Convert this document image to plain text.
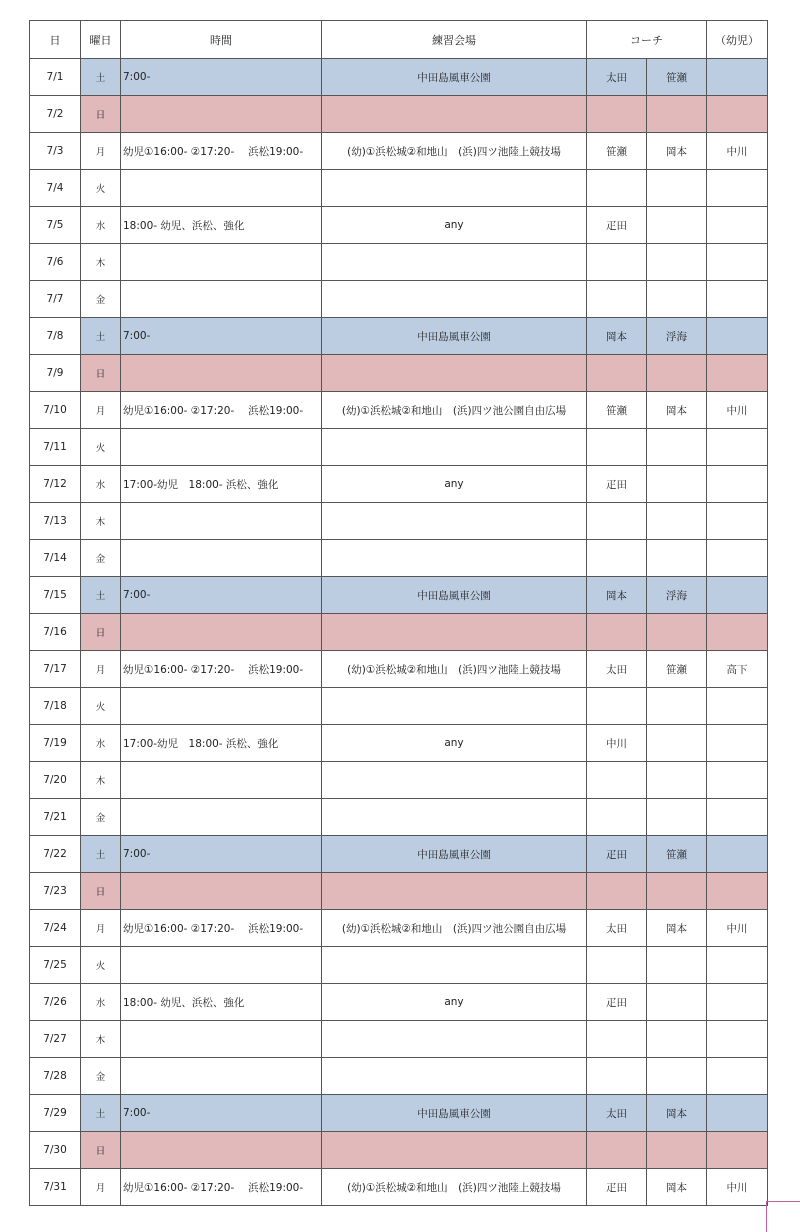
日	曜日	時間	練習会場	コーチ		（幼児）
7/1	土	7:00-	中田島風車公園	太田	笹瀬	
7/2	日					
7/3	月	幼児①16:00- ②17:20-　 浜松19:00-	(幼)①浜松城②和地山　(浜)四ツ池陸上競技場	笹瀬	岡本	中川
7/4	火					
7/5	水	18:00- 幼児、浜松、強化	any	疋田		
7/6	木					
7/7	金					
7/8	土	7:00-	中田島風車公園	岡本	浮海	
7/9	日					
7/10	月	幼児①16:00- ②17:20-　 浜松19:00-	(幼)①浜松城②和地山　(浜)四ツ池公園自由広場	笹瀬	岡本	中川
7/11	火					
7/12	水	17:00-幼児　18:00- 浜松、強化	any	疋田		
7/13	木					
7/14	金					
7/15	土	7:00-	中田島風車公園	岡本	浮海	
7/16	日					
7/17	月	幼児①16:00- ②17:20-　 浜松19:00-	(幼)①浜松城②和地山　(浜)四ツ池陸上競技場	太田	笹瀬	高下
7/18	火					
7/19	水	17:00-幼児　18:00- 浜松、強化	any	中川		
7/20	木					
7/21	金					
7/22	土	7:00-	中田島風車公園	疋田	笹瀬	
7/23	日					
7/24	月	幼児①16:00- ②17:20-　 浜松19:00-	(幼)①浜松城②和地山　(浜)四ツ池公園自由広場	太田	岡本	中川
7/25	火					
7/26	水	18:00- 幼児、浜松、強化	any	疋田		
7/27	木					
7/28	金					
7/29	土	7:00-	中田島風車公園	太田	岡本	
7/30	日					
7/31	月	幼児①16:00- ②17:20-　 浜松19:00-	(幼)①浜松城②和地山　(浜)四ツ池陸上競技場	疋田	岡本	中川
